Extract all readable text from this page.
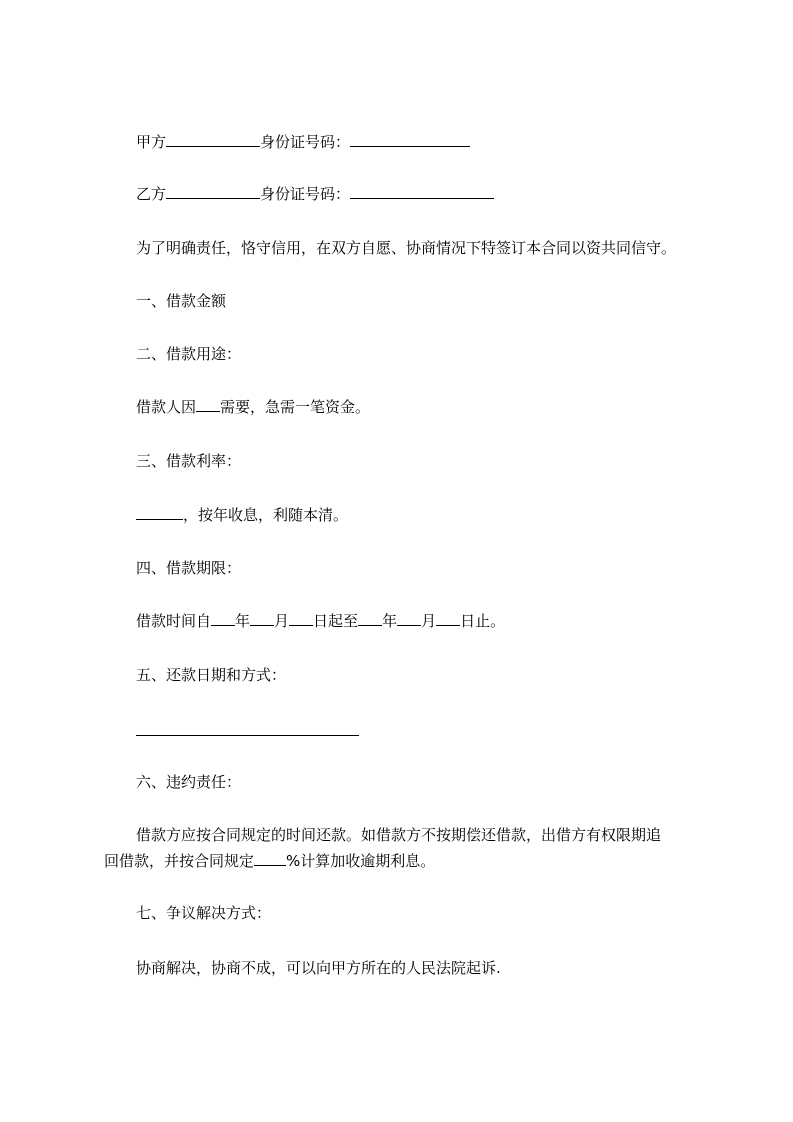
甲方	身份证号码：
乙方	身份证号码：
为了明确责任，恪守信用，在双方自愿、协商情况下特签订本合同以资共同信守。
一、借款金额
二、借款用途：
借款人因 需要，急需一笔资金。
三、借款利率：
，按年收息，利随本清。
四、借款期限：
借款时间自 年 月 日起至 年 月 日止。
五、还款日期和方式：
六、违约责任：
借款方应按合同规定的时间还款。如借款方不按期偿还借款，出借方有权限期追
回借款，并按合同规定 %计算加收逾期利息。
七、争议解决方式：
协商解决，协商不成，可以向甲方所在的人民法院起诉.
